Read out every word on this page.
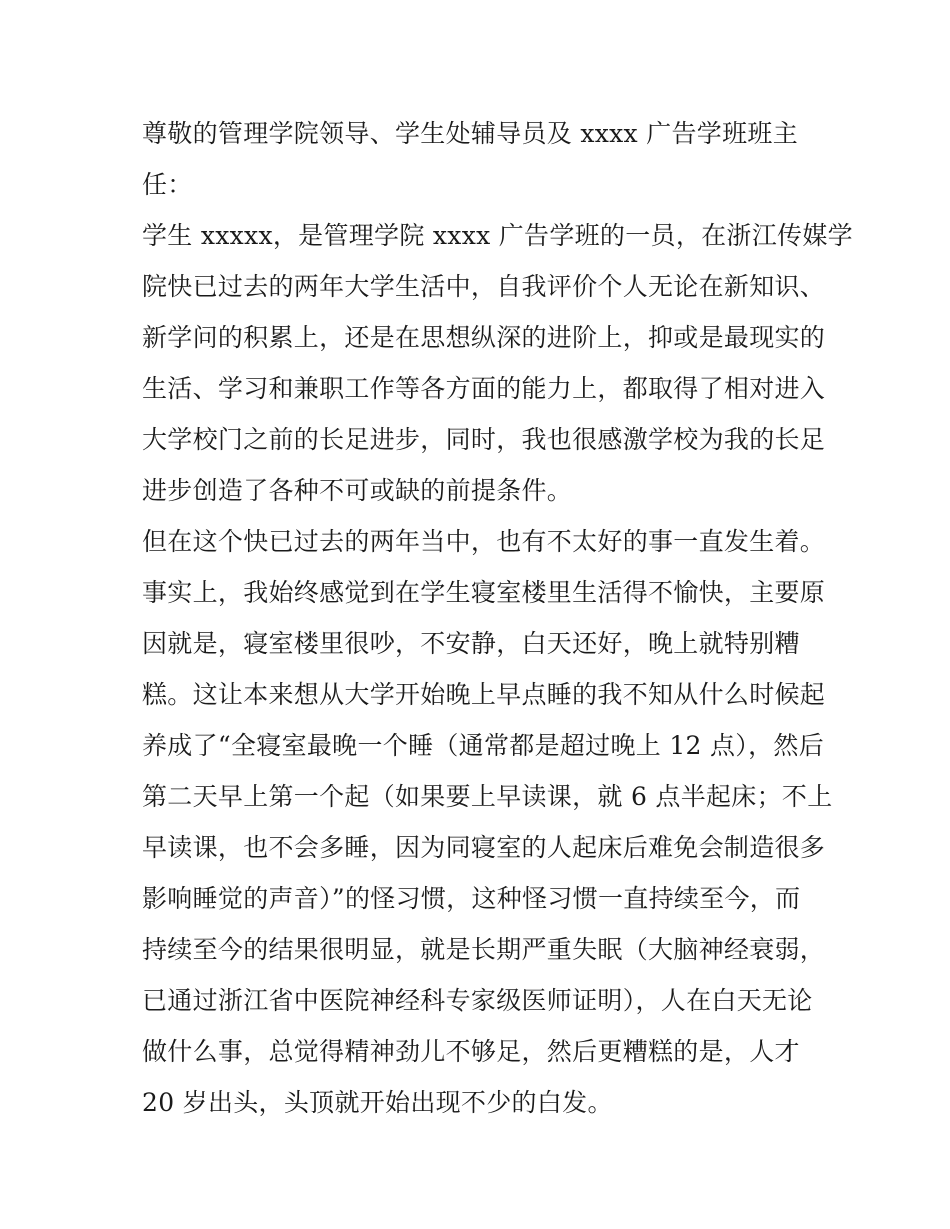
尊敬的管理学院领导、学生处辅导员及 xxxx 广告学班班主
任：
学生 xxxxx，是管理学院 xxxx 广告学班的一员，在浙江传媒学
院快已过去的两年大学生活中，自我评价个人无论在新知识、
新学问的积累上，还是在思想纵深的进阶上，抑或是最现实的
生活、学习和兼职工作等各方面的能力上，都取得了相对进入
大学校门之前的长足进步，同时，我也很感激学校为我的长足
进步创造了各种不可或缺的前提条件。
但在这个快已过去的两年当中，也有不太好的事一直发生着。
事实上，我始终感觉到在学生寝室楼里生活得不愉快，主要原
因就是，寝室楼里很吵，不安静，白天还好，晚上就特别糟
糕。这让本来想从大学开始晚上早点睡的我不知从什么时候起
养成了“全寝室最晚一个睡（通常都是超过晚上 12 点），然后
第二天早上第一个起（如果要上早读课，就 6 点半起床；不上
早读课，也不会多睡，因为同寝室的人起床后难免会制造很多
影响睡觉的声音）”的怪习惯，这种怪习惯一直持续至今，而
持续至今的结果很明显，就是长期严重失眠（大脑神经衰弱，
已通过浙江省中医院神经科专家级医师证明），人在白天无论
做什么事，总觉得精神劲儿不够足，然后更糟糕的是，人才
20 岁出头，头顶就开始出现不少的白发。
